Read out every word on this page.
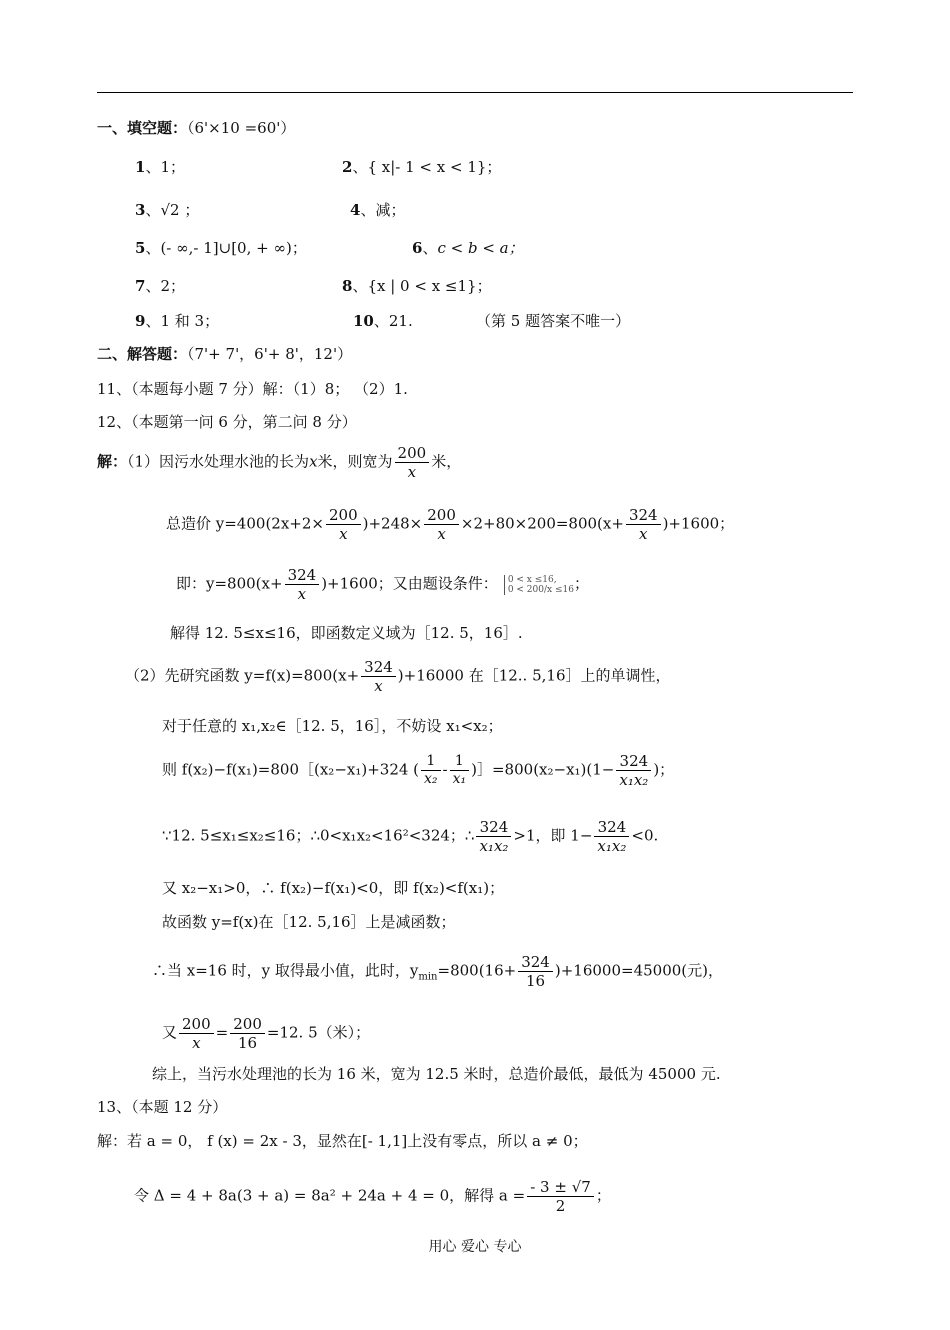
一、填空题：（6'×10 =60'）
1、1；	2、{ x|- 1 < x < 1}；
3、√2 ；	4、减；
5、(- ∞,- 1]∪[0, + ∞)；	6、c < b < a；
7、2；	8、{x | 0 < x ≤1}；
9、1 和 3；	10、21.	（第 5 题答案不唯一）
二、解答题：（7'+ 7'，6'+ 8'，12'）
11、（本题每小题 7 分）解：（1）8； （2）1.
12、（本题第一问 6 分，第二问 8 分）
解：（1）因污水处理水池的长为x米，则宽为 $\frac{200}{x}$ 米，
总造价 $y=400(2x+2\times \frac{200}{x} )+248\times \frac{200}{x} \times 2+80\times 200=800(x+ \frac{324}{x} )+1600$；
即：$y=800(x+ \frac{324}{x} )+1600$；又由题设条件： 0 < x ≤16,
0 < 200/x ≤16；
解得 12. 5≤x≤16，即函数定义域为［12. 5，16］.
（2）先研究函数 $y=f(x)=800(x+ \frac{324}{x} )+16000$ 在［12.. 5,16］上的单调性，
对于任意的 x₁,x₂∈［12. 5，16］，不妨设 x₁<x₂；
则 f(x₂)−f(x₁)=800［(x₂−x₁)+324 ( $\frac{1}{\text{x₂}} - \frac{1}{\text{x₁}}$ )］=800(x₂−x₁)(1− $\frac{324}{\text{x₁x₂}}$ )；
∵12. 5≤x₁≤x₂≤16；∴0<x₁x₂<16²<324；∴ $\frac{324}{\text{x₁x₂}} >1$，即 $1- \frac{324}{\text{x₁x₂}} <0$.
又 x₂−x₁>0，∴ f(x₂)−f(x₁)<0，即 f(x₂)<f(x₁)；
故函数 y=f(x)在［12. 5,16］上是减函数；
∴当 x=16 时，y 取得最小值，此时，$y_{min}=800(16+ \frac{324}{16} )+16000=45000$(元)，
又 $\frac{200}{x} = \frac{200}{16} =12$. 5（米）；
综上，当污水处理池的长为 16 米，宽为 12.5 米时，总造价最低，最低为 45000 元.
13、（本题 12 分）
解：若 a = 0， f (x) = 2x - 3，显然在[- 1,1]上没有零点，所以 a ≠ 0；
令 Δ = 4 + 8a(3 + a) = 8a² + 24a + 4 = 0，解得 $a = \frac{- 3 \pm √7}{2}$ ；
用心 爱心 专心
